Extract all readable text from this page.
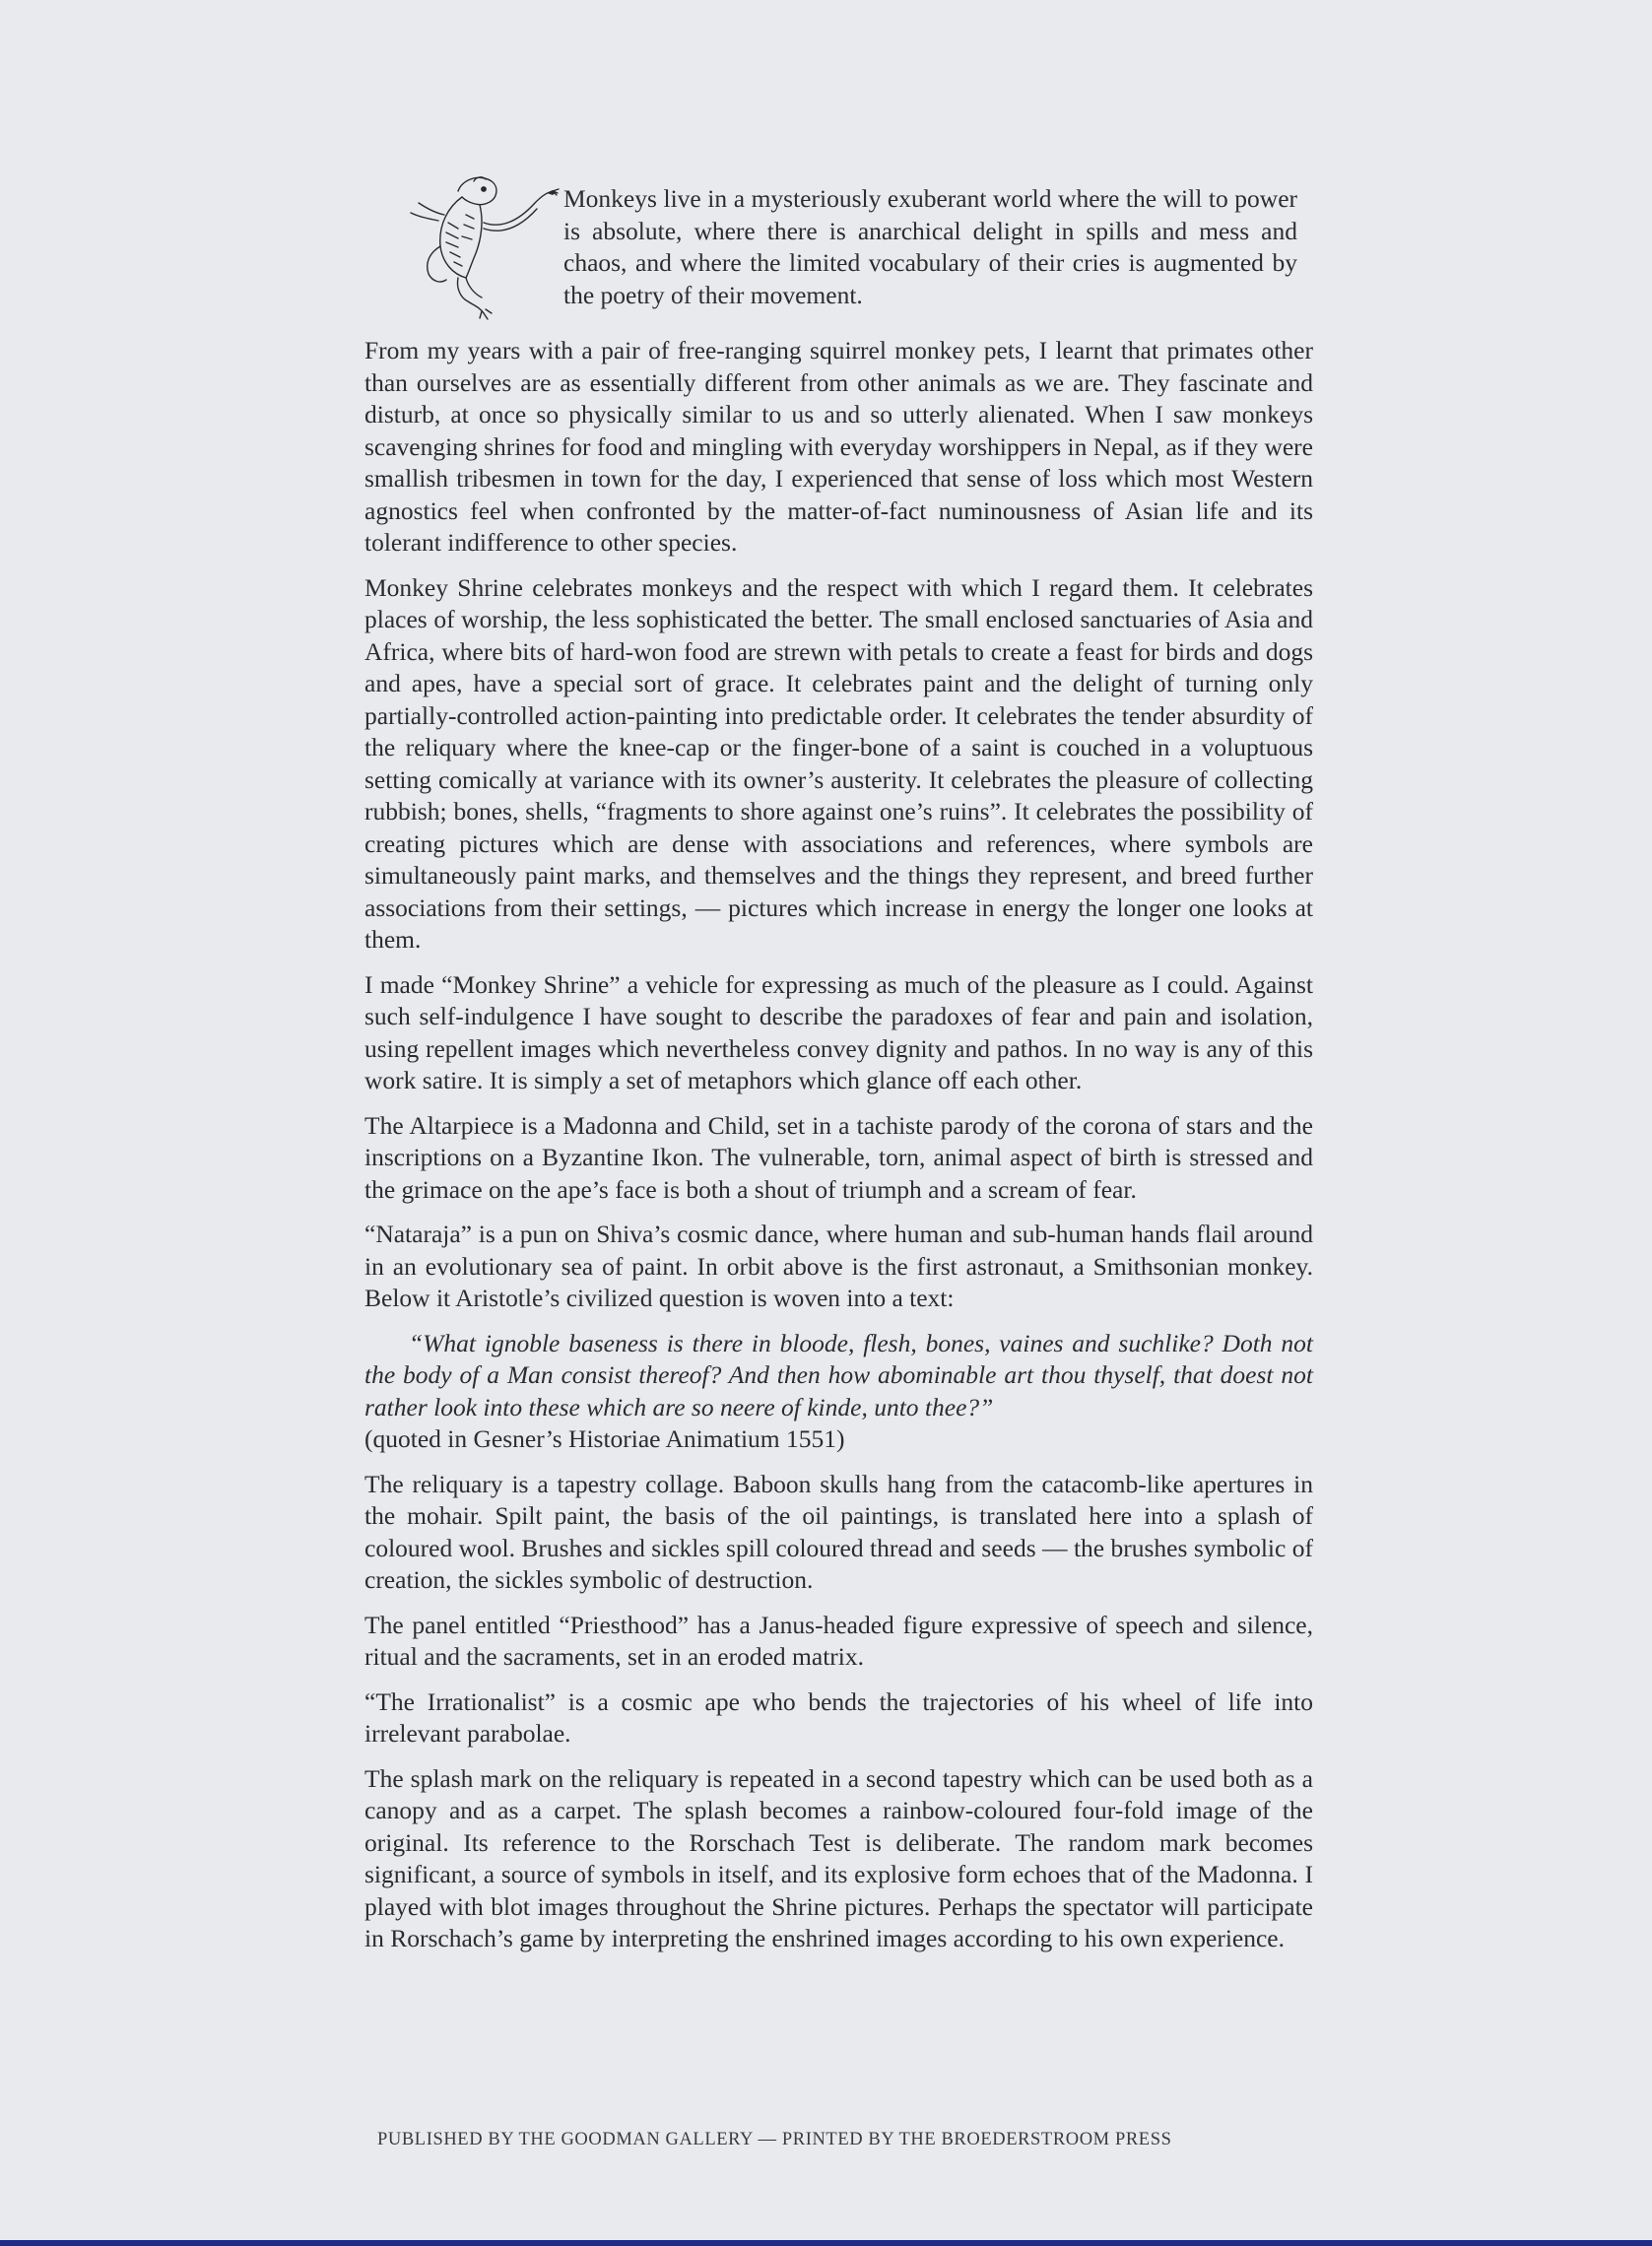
Monkeys live in a mysteriously exuberant world where the will to power is absolute, where there is anarchical delight in spills and mess and chaos, and where the limited vocabulary of their cries is augmented by the poetry of their movement.

From my years with a pair of free-ranging squirrel monkey pets, I learnt that primates other than ourselves are as essentially different from other animals as we are. They fascinate and disturb, at once so physically similar to us and so utterly alienated. When I saw monkeys scavenging shrines for food and mingling with everyday worshippers in Nepal, as if they were smallish tribesmen in town for the day, I experienced that sense of loss which most Western agnostics feel when confronted by the matter-of-fact numinousness of Asian life and its tolerant indifference to other species.

Monkey Shrine celebrates monkeys and the respect with which I regard them. It celebrates places of worship, the less sophisticated the better. The small enclosed sanctuaries of Asia and Africa, where bits of hard-won food are strewn with petals to create a feast for birds and dogs and apes, have a special sort of grace. It celebrates paint and the delight of turning only partially-controlled action-painting into predictable order. It celebrates the tender absurdity of the reliquary where the knee-cap or the finger-bone of a saint is couched in a voluptuous setting comically at variance with its owner’s austerity. It celebrates the pleasure of collecting rubbish; bones, shells, “fragments to shore against one’s ruins”. It celebrates the possibility of creating pictures which are dense with associations and references, where symbols are simultaneously paint marks, and themselves and the things they represent, and breed further associations from their settings, — pictures which increase in energy the longer one looks at them.

I made “Monkey Shrine” a vehicle for expressing as much of the pleasure as I could. Against such self-indulgence I have sought to describe the paradoxes of fear and pain and isolation, using repellent images which nevertheless convey dignity and pathos. In no way is any of this work satire. It is simply a set of metaphors which glance off each other.

The Altarpiece is a Madonna and Child, set in a tachiste parody of the corona of stars and the inscriptions on a Byzantine Ikon. The vulnerable, torn, animal aspect of birth is stressed and the grimace on the ape’s face is both a shout of triumph and a scream of fear.

“Nataraja” is a pun on Shiva’s cosmic dance, where human and sub-human hands flail around in an evolutionary sea of paint. In orbit above is the first astronaut, a Smithsonian monkey. Below it Aristotle’s civilized question is woven into a text:

“What ignoble baseness is there in bloode, flesh, bones, vaines and suchlike? Doth not the body of a Man consist thereof? And then how abominable art thou thyself, that doest not rather look into these which are so neere of kinde, unto thee?”

(quoted in Gesner’s Historiae Animatium 1551)

The reliquary is a tapestry collage. Baboon skulls hang from the catacomb-like apertures in the mohair. Spilt paint, the basis of the oil paintings, is translated here into a splash of coloured wool. Brushes and sickles spill coloured thread and seeds — the brushes symbolic of creation, the sickles symbolic of destruction.

The panel entitled “Priesthood” has a Janus-headed figure expressive of speech and silence, ritual and the sacraments, set in an eroded matrix.

“The Irrationalist” is a cosmic ape who bends the trajectories of his wheel of life into irrelevant parabolae.

The splash mark on the reliquary is repeated in a second tapestry which can be used both as a canopy and as a carpet. The splash becomes a rainbow-coloured four-fold image of the original. Its reference to the Rorschach Test is deliberate. The random mark becomes significant, a source of symbols in itself, and its explosive form echoes that of the Madonna. I played with blot images throughout the Shrine pictures. Perhaps the spectator will participate in Rorschach’s game by interpreting the enshrined images according to his own experience.

PUBLISHED BY THE GOODMAN GALLERY — PRINTED BY THE BROEDERSTROOM PRESS
